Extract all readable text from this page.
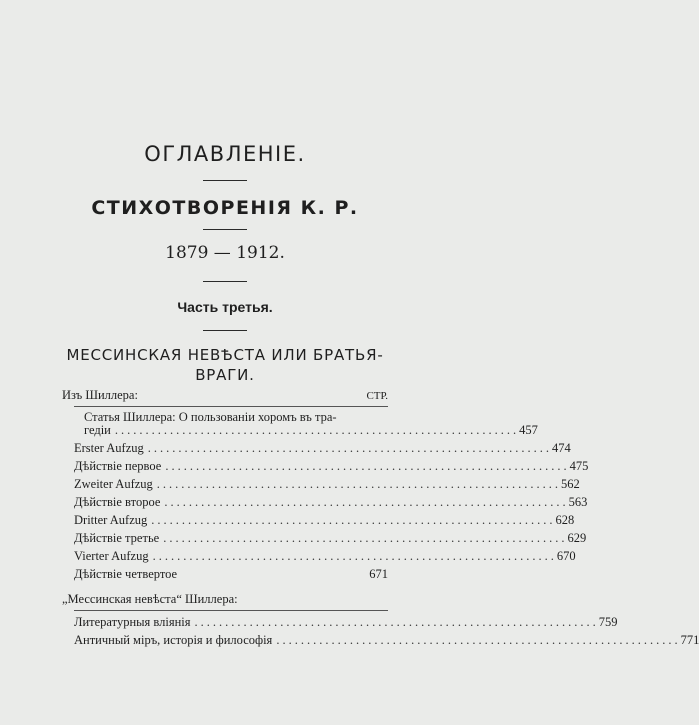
ОГЛАВЛЕНІЕ.
СТИХОТВОРЕНІЯ К. Р.
1879 — 1912.
Часть третья.
МЕССИНСКАЯ НЕВѢСТА ИЛИ БРАТЬЯ-
ВРАГИ.
Изъ Шиллера:	СТР.
Статья Шиллера: О пользованіи хоромъ въ тра-
гедіи .................................................................. 457
Erster Aufzug .................................................................. 474
Дѣйствіе первое .................................................................. 475
Zweiter Aufzug .................................................................. 562
Дѣйствіе второе .................................................................. 563
Dritter Aufzug .................................................................. 628
Дѣйствіе третье .................................................................. 629
Vierter Aufzug .................................................................. 670
Дѣйствіе четвертое	671
„Мессинская невѣста“ Шиллера:
Литературныя вліянія .................................................................. 759
Античный міръ, исторія и философія .................................................................. 771
